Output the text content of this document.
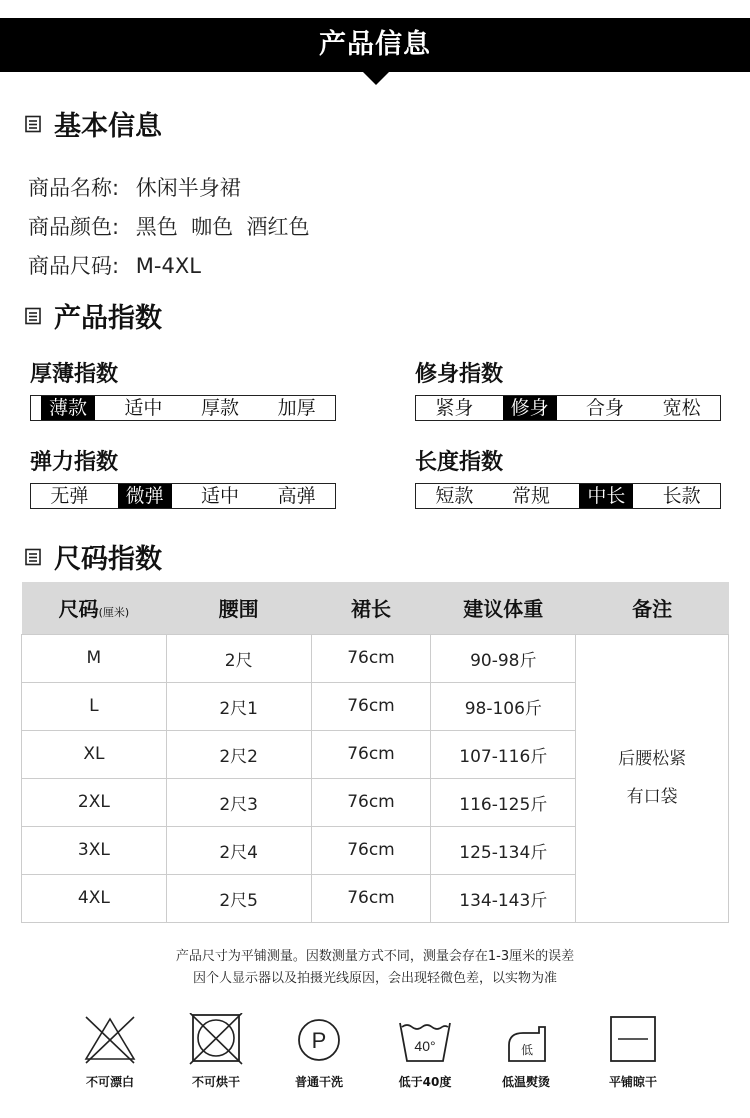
产品信息
基本信息
商品名称: 休闲半身裙
商品颜色: 黑色  咖色  酒红色
商品尺码: M-4XL
产品指数
厚薄指数
薄款	适中	厚款	加厚
修身指数
紧身	修身	合身	宽松
弹力指数
无弹	微弹	适中	高弹
长度指数
短款	常规	中长	长款
尺码指数
尺码(厘米)	腰围	裙长	建议体重	备注
M	2尺	76cm	90-98斤	后腰松紧
有口袋

L	2尺1	76cm	98-106斤	
XL	2尺2	76cm	107-116斤	
2XL	2尺3	76cm	116-125斤	
3XL	2尺4	76cm	125-134斤	
4XL	2尺5	76cm	134-143斤	
产品尺寸为平铺测量。因数测量方式不同，测量会存在1-3厘米的误差
因个人显示器以及拍摄光线原因，会出现轻微色差，以实物为准
不可漂白	不可烘干
P
普通干洗
40°
低于40度
低
低温熨烫	平铺晾干
